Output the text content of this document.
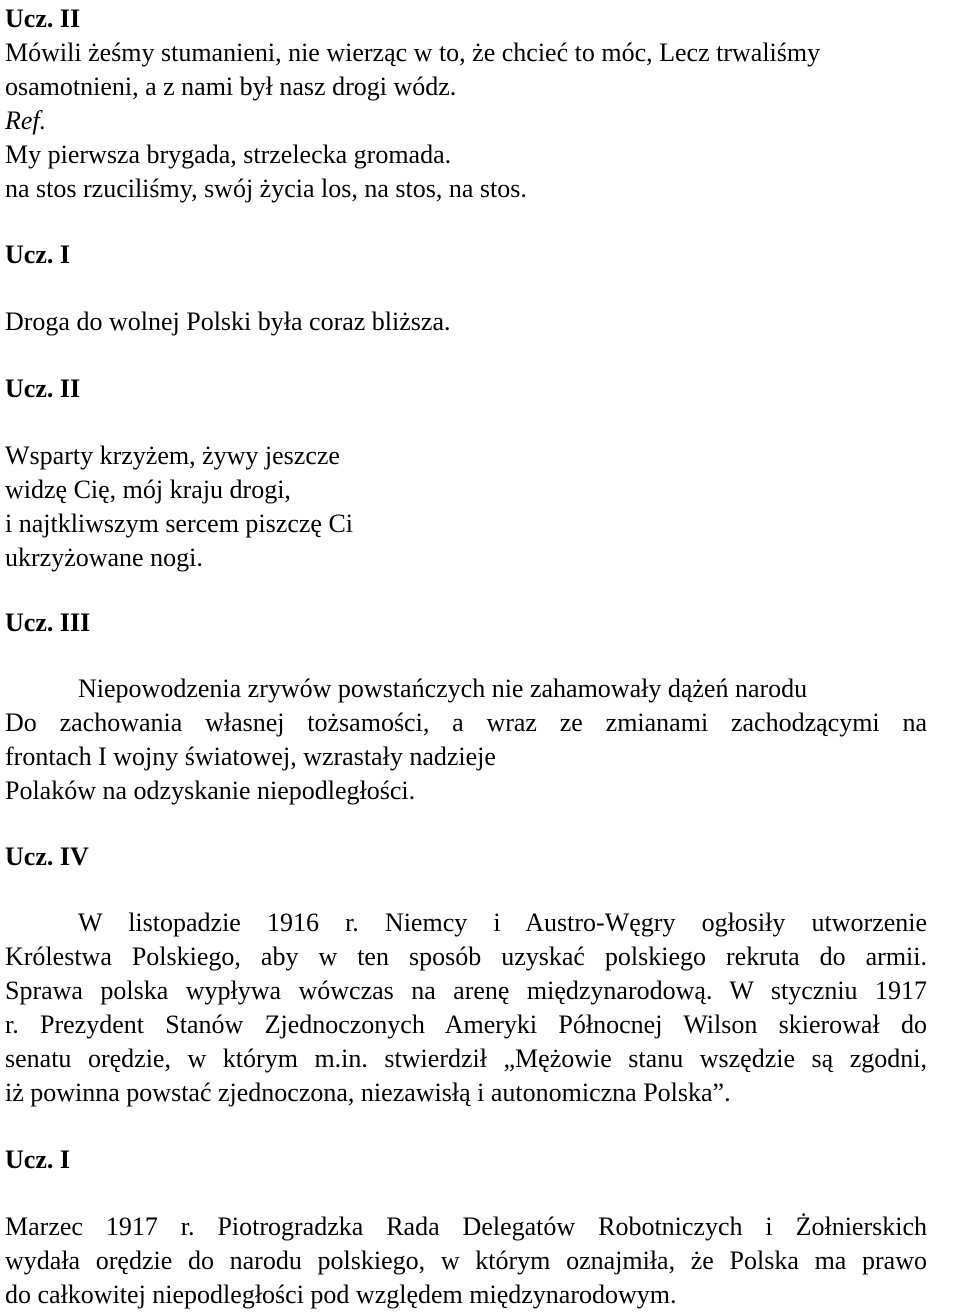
Ucz. II
Mówili żeśmy stumanieni, nie wierząc w to, że chcieć to móc, Lecz trwaliśmy
osamotnieni, a z nami był nasz drogi wódz.
Ref.
My pierwsza brygada, strzelecka gromada.
na stos rzuciliśmy, swój życia los, na stos, na stos.
Ucz. I
Droga do wolnej Polski była coraz bliższa.
Ucz. II
Wsparty krzyżem, żywy jeszcze
widzę Cię, mój kraju drogi,
i najtkliwszym sercem piszczę Ci
ukrzyżowane nogi.
Ucz. III
Niepowodzenia zrywów powstańczych nie zahamowały dążeń narodu
Do zachowania własnej tożsamości, a wraz ze zmianami zachodzącymi na
frontach I wojny światowej, wzrastały nadzieje
Polaków na odzyskanie niepodległości.
Ucz. IV
W listopadzie 1916 r. Niemcy i Austro-Węgry ogłosiły utworzenie
Królestwa Polskiego, aby w ten sposób uzyskać polskiego rekruta do armii.
Sprawa polska wypływa wówczas na arenę międzynarodową. W styczniu 1917
r. Prezydent Stanów Zjednoczonych Ameryki Północnej Wilson skierował do
senatu orędzie, w którym m.in. stwierdził „Mężowie stanu wszędzie są zgodni,
iż powinna powstać zjednoczona, niezawisłą i autonomiczna Polska”.
Ucz. I
Marzec 1917 r. Piotrogradzka Rada Delegatów Robotniczych i Żołnierskich
wydała orędzie do narodu polskiego, w którym oznajmiła, że Polska ma prawo
do całkowitej niepodległości pod względem międzynarodowym.
